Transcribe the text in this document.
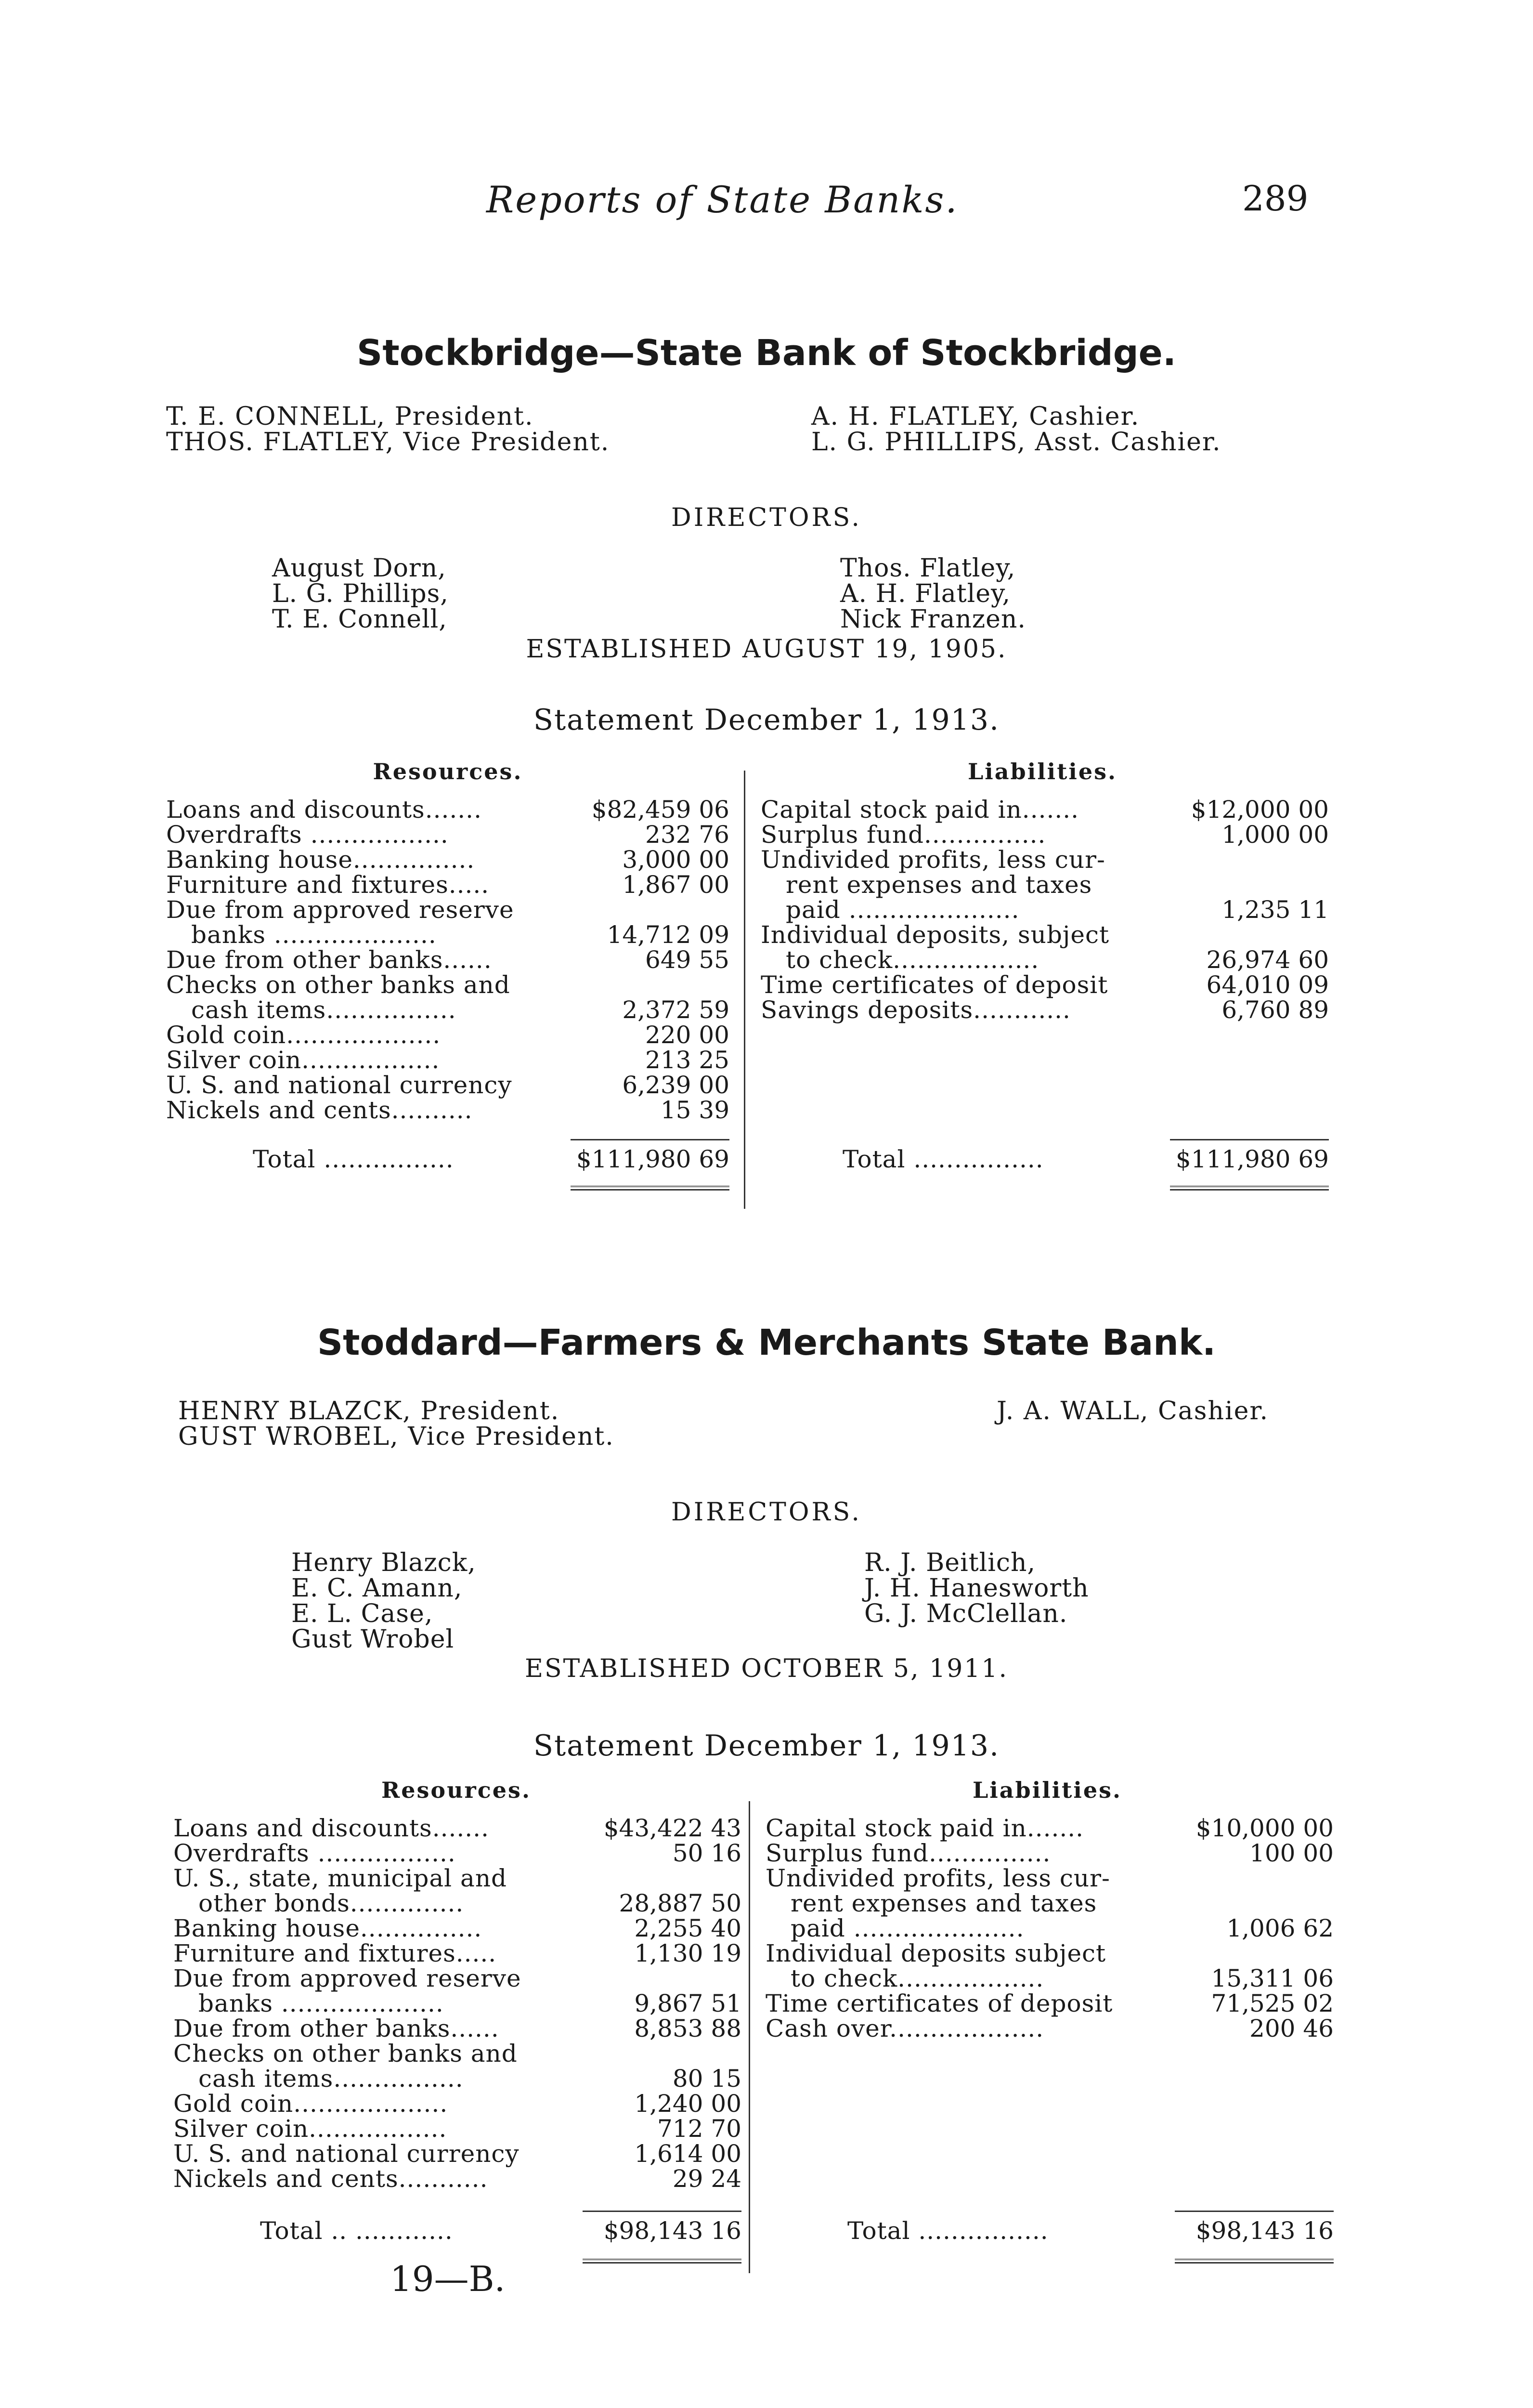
Reports of State Banks.	289
Stockbridge—State Bank of Stockbridge.
T. E. CONNELL, President.
THOS. FLATLEY, Vice President.
A. H. FLATLEY, Cashier.
L. G. PHILLIPS, Asst. Cashier.
DIRECTORS.
August Dorn,
L. G. Phillips,
T. E. Connell,
Thos. Flatley,
A. H. Flatley,
Nick Franzen.
ESTABLISHED AUGUST 19, 1905.
Statement December 1, 1913.
Resources.	Liabilities.
Loans and discounts.......	$82,459 06
Overdrafts .................	232 76
Banking house...............	3,000 00
Furniture and fixtures.....	1,867 00
Due from approved reserve
banks ....................	14,712 09
Due from other banks......	649 55
Checks on other banks and
cash items................	2,372 59
Gold coin...................	220 00
Silver coin.................	213 25
U. S. and national currency	6,239 00
Nickels and cents..........	15 39
Capital stock paid in.......	$12,000 00
Surplus fund...............	1,000 00
Undivided profits, less cur-
rent expenses and taxes
paid .....................	1,235 11
Individual deposits, subject
to check..................	26,974 60
Time certificates of deposit	64,010 09
Savings deposits............	6,760 89
Total ................	$111,980 69	Total ................	$111,980 69
Stoddard—Farmers & Merchants State Bank.
HENRY BLAZCK, President.
GUST WROBEL, Vice President.
J. A. WALL, Cashier.
DIRECTORS.
Henry Blazck,
E. C. Amann,
E. L. Case,
Gust Wrobel
R. J. Beitlich,
J. H. Hanesworth
G. J. McClellan.
ESTABLISHED OCTOBER 5, 1911.
Statement December 1, 1913.
Resources.	Liabilities.
Loans and discounts.......	$43,422 43
Overdrafts .................	50 16
U. S., state, municipal and
other bonds..............	28,887 50
Banking house...............	2,255 40
Furniture and fixtures.....	1,130 19
Due from approved reserve
banks ....................	9,867 51
Due from other banks......	8,853 88
Checks on other banks and
cash items................	80 15
Gold coin...................	1,240 00
Silver coin.................	712 70
U. S. and national currency	1,614 00
Nickels and cents...........	29 24
Capital stock paid in.......	$10,000 00
Surplus fund...............	100 00
Undivided profits, less cur-
rent expenses and taxes
paid .....................	1,006 62
Individual deposits subject
to check..................	15,311 06
Time certificates of deposit	71,525 02
Cash over...................	200 46
Total .. ............	$98,143 16	Total ................	$98,143 16
19—B.
